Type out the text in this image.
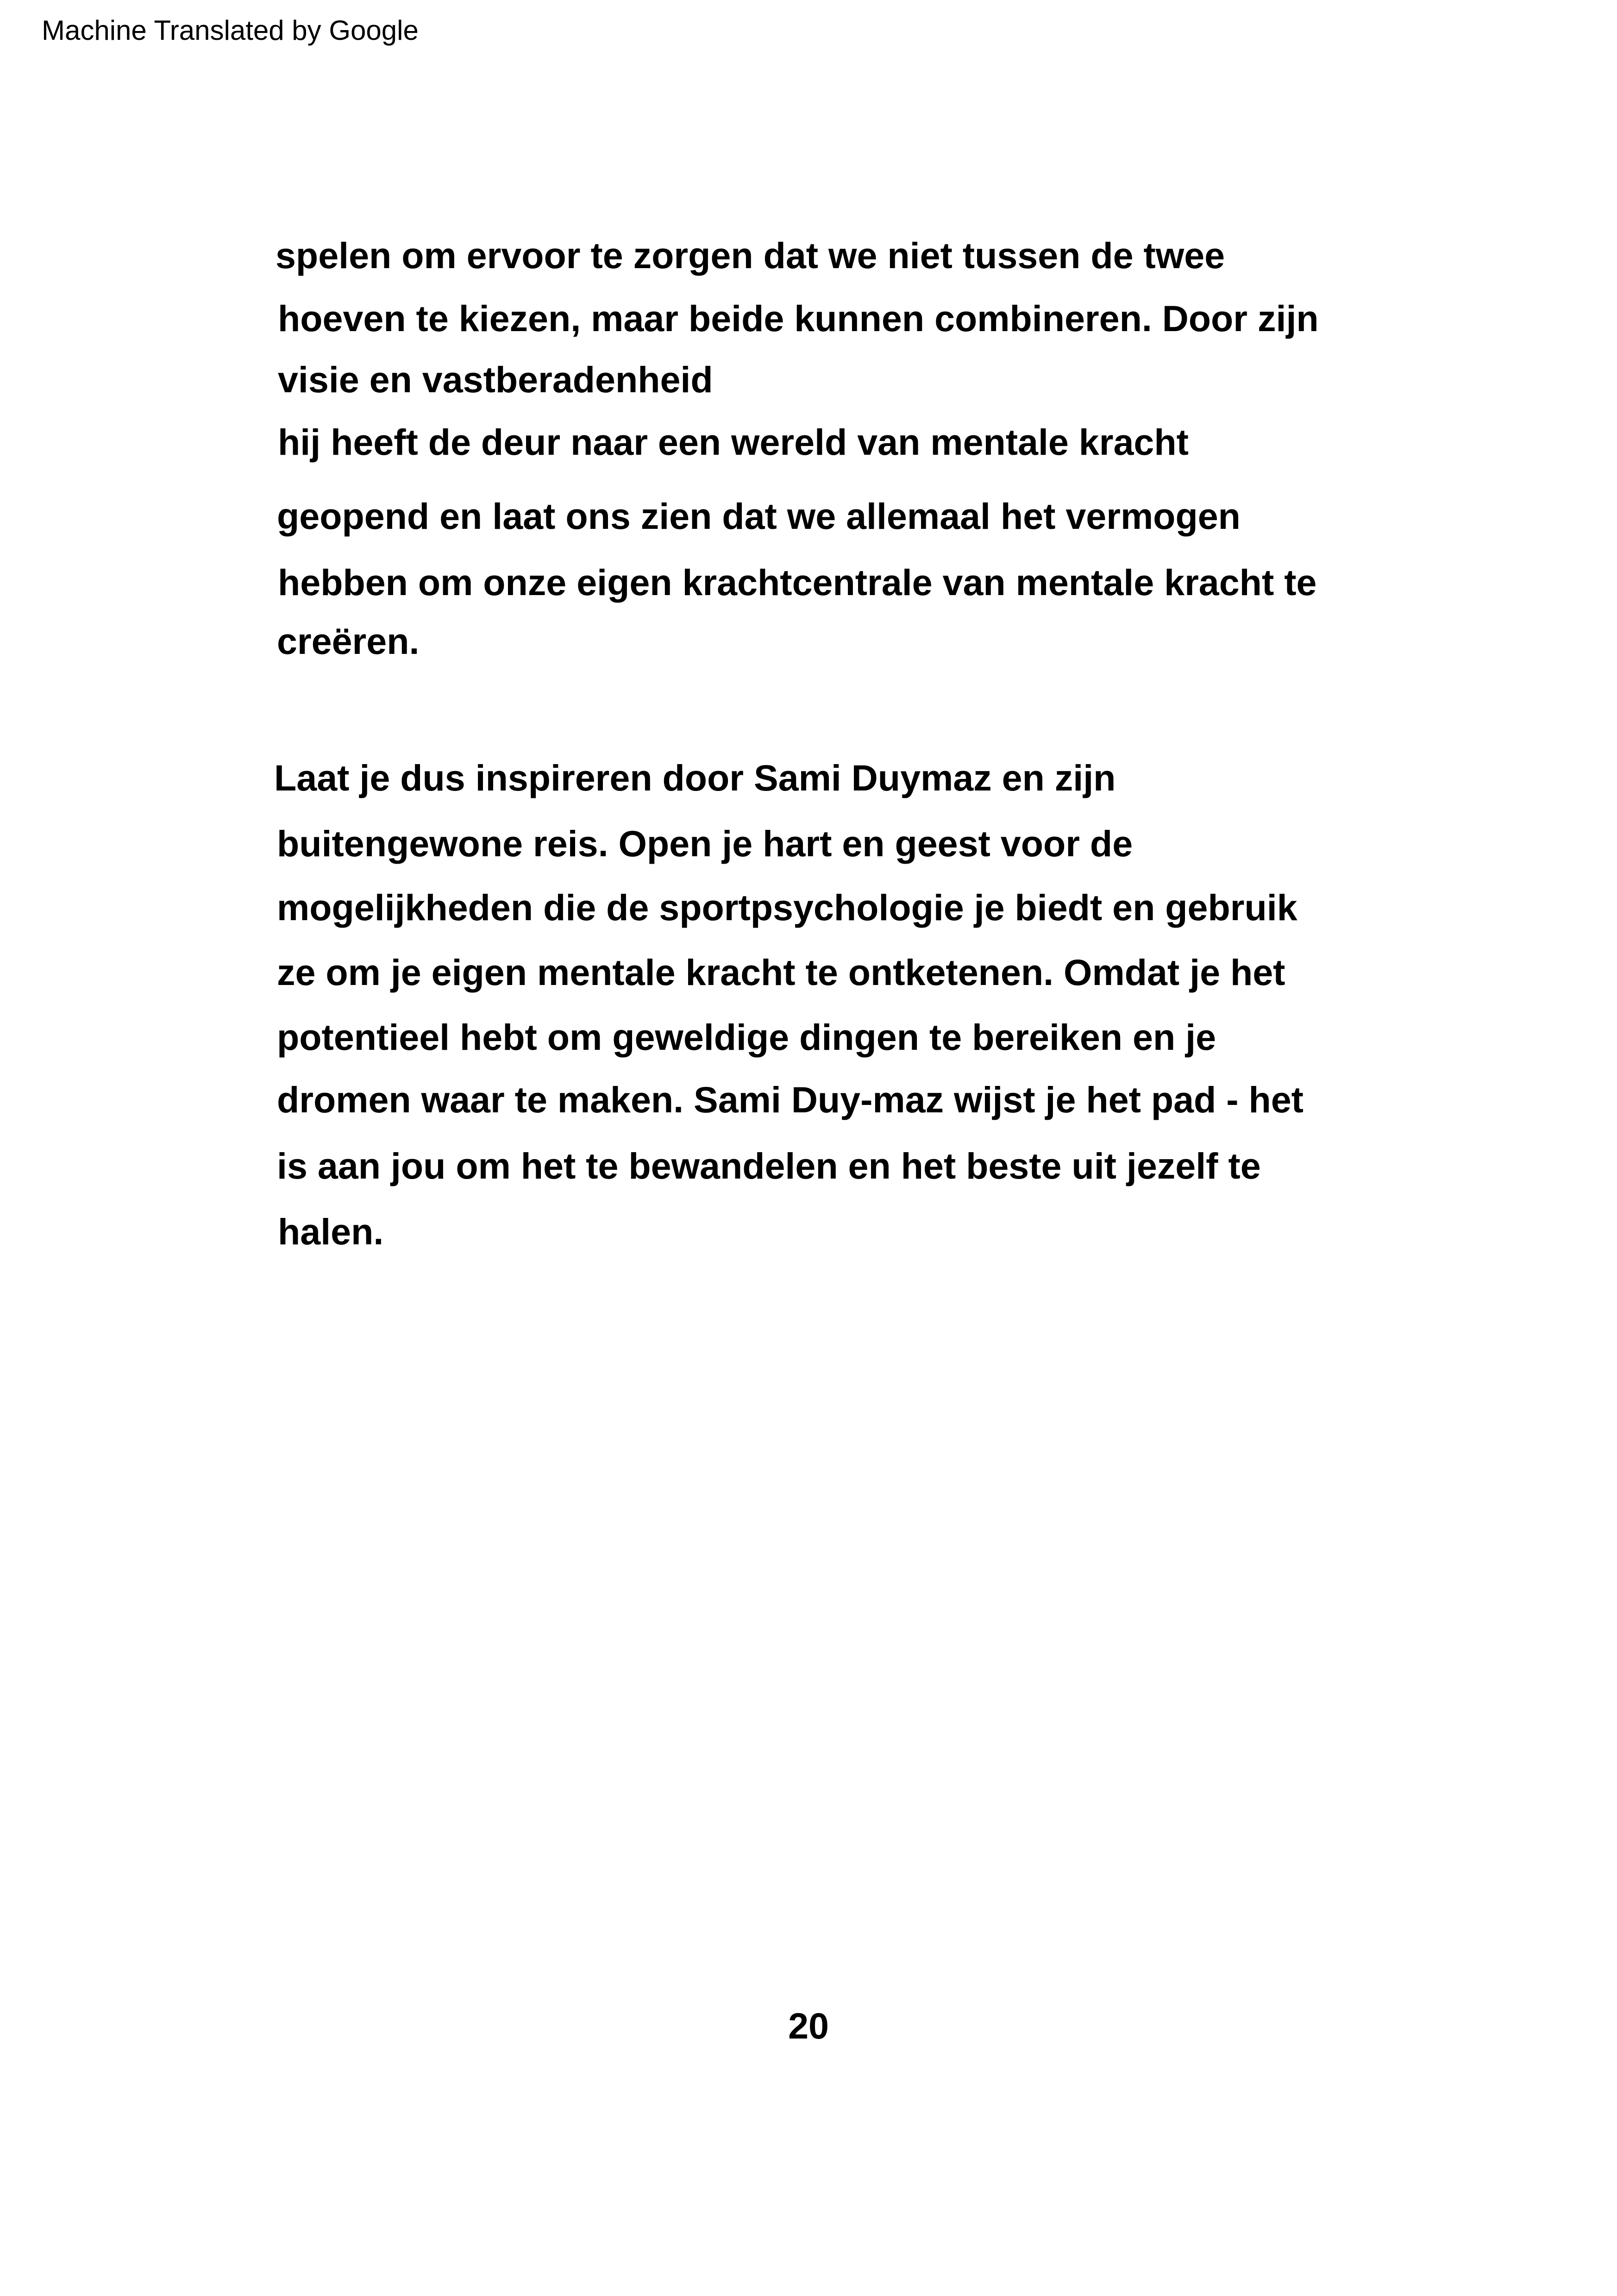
Machine Translated by Google
spelen om ervoor te zorgen dat we niet tussen de twee
hoeven te kiezen, maar beide kunnen combineren. Door zijn
visie en vastberadenheid
hij heeft de deur naar een wereld van mentale kracht
geopend en laat ons zien dat we allemaal het vermogen
hebben om onze eigen krachtcentrale van mentale kracht te
creëren.
Laat je dus inspireren door Sami Duymaz en zijn
buitengewone reis. Open je hart en geest voor de
mogelijkheden die de sportpsychologie je biedt en gebruik
ze om je eigen mentale kracht te ontketenen. Omdat je het
potentieel hebt om geweldige dingen te bereiken en je
dromen waar te maken. Sami Duy-maz wijst je het pad - het
is aan jou om het te bewandelen en het beste uit jezelf te
halen.
20
